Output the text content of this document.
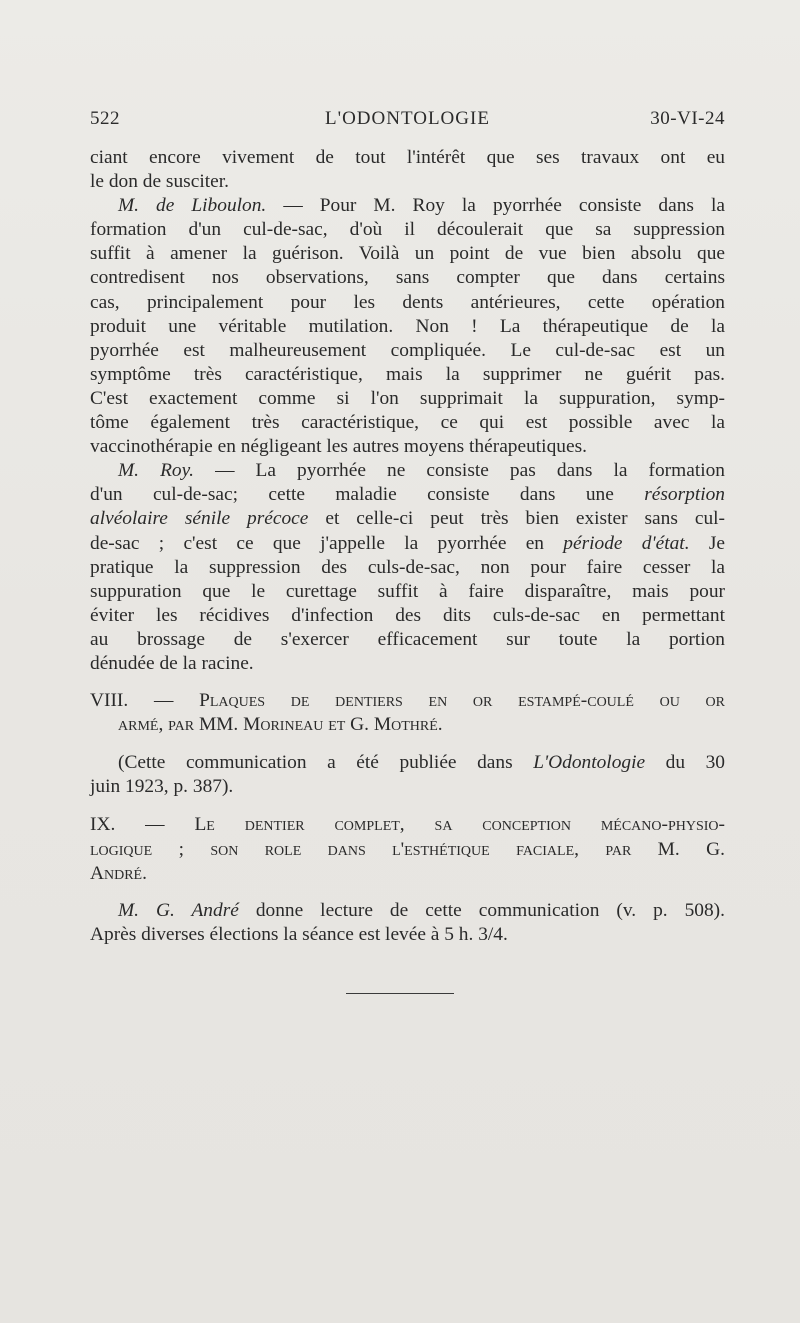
522	L'ODONTOLOGIE	30-VI-24
ciant encore vivement de tout l'intérêt que ses travaux ont eu
le don de susciter.
M. de Liboulon. — Pour M. Roy la pyorrhée consiste dans la
formation d'un cul-de-sac, d'où il découlerait que sa suppression
suffit à amener la guérison. Voilà un point de vue bien absolu que
contredisent nos observations, sans compter que dans certains
cas, principalement pour les dents antérieures, cette opération
produit une véritable mutilation. Non ! La thérapeutique de la
pyorrhée est malheureusement compliquée. Le cul-de-sac est un
symptôme très caractéristique, mais la supprimer ne guérit pas.
C'est exactement comme si l'on supprimait la suppuration, symp-
tôme également très caractéristique, ce qui est possible avec la
vaccinothérapie en négligeant les autres moyens thérapeutiques.
M. Roy. — La pyorrhée ne consiste pas dans la formation
d'un cul-de-sac; cette maladie consiste dans une résorption
alvéolaire sénile précoce et celle-ci peut très bien exister sans cul-
de-sac ; c'est ce que j'appelle la pyorrhée en période d'état. Je
pratique la suppression des culs-de-sac, non pour faire cesser la
suppuration que le curettage suffit à faire disparaître, mais pour
éviter les récidives d'infection des dits culs-de-sac en permettant
au brossage de s'exercer efficacement sur toute la portion
dénudée de la racine.
VIII. — Plaques de dentiers en or estampé-coulé ou or
armé, par MM. Morineau et G. Mothré.
(Cette communication a été publiée dans L'Odontologie du 30
juin 1923, p. 387).
IX. — Le dentier complet, sa conception mécano-physio-
logique ; son role dans l'esthétique faciale, par M. G.
André.
M. G. André donne lecture de cette communication (v. p. 508).
Après diverses élections la séance est levée à 5 h. 3/4.
